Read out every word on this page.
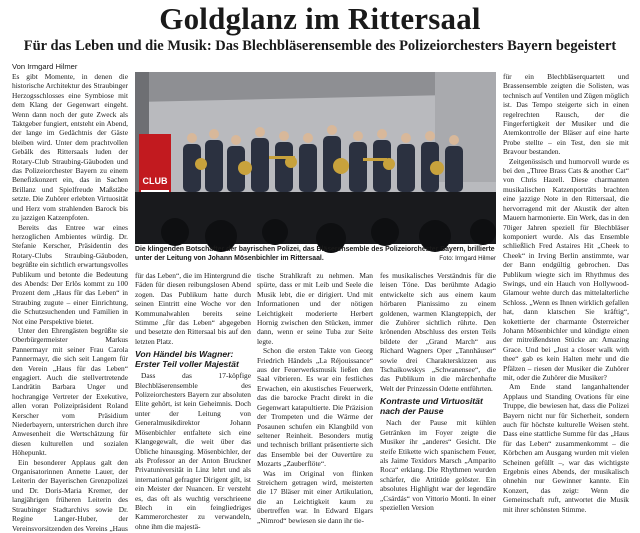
Goldglanz im Rittersaal
Für das Leben und die Musik: Das Blechbläserensemble des Polizeiorchesters Bayern begeistert
Von Irmgard Hilmer

Es gibt Momente, in denen die historische Architektur des Straubinger Herzogsschlosses eine Symbiose mit dem Klang der Gegenwart eingeht. Wenn dann noch der gute Zweck als Taktgeber fungiert, entsteht ein Abend, der lange im Gedächtnis der Gäste bleiben wird. Unter dem prachtvollen Gebälk des Rittersaals luden der Rotary-Club Straubing-Gäuboden und das Polizeiorchester Bayern zu einem Benefizkonzert ein, das in Sachen Brillanz und Spielfreude Maßstäbe setzte. Die Zuhörer erlebten Virtuosität und Herz vom strahlenden Barock bis zu jazzigen Katzenpfoten.

Bereits das Entree war eines herzoglichen Ambientes würdig. Dr. Stefanie Kerscher, Präsidentin des Rotary-Clubs Straubing-Gäuboden, begrüßte ein sichtlich erwartungsvolles Publikum und betonte die Bedeutung des Abends: Der Erlös kommt zu 100 Prozent dem „Haus für das Leben“ in Straubing zugute – einer Einrichtung, die Schutzsuchenden und Familien in Not eine Perspektive bietet.

Unter den Ehrengästen begrüßte sie Oberbürgermeister Markus Pannermayr mit seiner Frau Carola Pannermayr, die sich seit Langem für den Verein „Haus für das Leben“ engagiert. Auch die stellvertretende Landrätin Barbara Unger und hochrangige Vertreter der Exekutive, allen voran Polizeipräsident Roland Kerscher vom Präsidium Niederbayern, unterstrichen durch ihre Anwesenheit die Wertschätzung für diesen kulturellen und sozialen Höhepunkt.

Ein besonderer Applaus galt den Organisatorinnen Annette Lauer, der Leiterin der Bayerischen Grenzpolizei und Dr. Doris-Maria Kremer, der langjährigen früheren Leiterin des Straubinger Stadtarchivs sowie Dr. Regine Langer-Huber, der Vereinsvorsitzenden des Vereins „Haus

CLUB
Die klingenden Botschafter der bayrischen Polizei, das Bläserensemble des Polizeiorchester Bayern, brillierte unter der Leitung von Johann Mösenbichler im Rittersaal.	Foto: Irmgard Hilmer

für das Leben“, die im Hintergrund die Fäden für diesen reibungslosen Abend zogen. Das Publikum hatte durch seinen Eintritt eine Woche vor den Kommunalwahlen bereits seine Stimme „für das Leben“ abgegeben und besetzte den Rittersaal bis auf den letzten Platz.

Von Händel bis Wagner: Erster Teil voller Majestät

Dass das 17-köpfige Blechbläserensemble des Polizeiorchesters Bayern zur absoluten Elite gehört, ist kein Geheimnis. Doch unter der Leitung von Generalmusikdirektor Johann Mösenbichler entfaltete sich eine Klangegewalt, die weit über das Übliche hinausging. Mösenbichler, der als Professor an der Anton Bruckner Privatuniversität in Linz lehrt und als international gefragter Dirigent gilt, ist ein Meister der Nuancen. Er versteht es, das oft als wuchtig verschrieene Blech in ein feingliedriges Kammerorchester zu verwandeln, ohne ihm die majestä-

tische Strahlkraft zu nehmen. Man spürte, dass er mit Leib und Seele die Musik lebt, die er dirigiert. Und mit Informationen und der nötigen Leichtigkeit moderierte Herbert Hornig zwischen den Stücken, immer dann, wenn er seine Tuba zur Seite legte.

Schon die ersten Takte von Georg Friedrich Händels „La Réjouissance“ aus der Feuerwerksmusik ließen den Saal vibrieren. Es war ein festliches Erwachen, ein akustisches Feuerwerk, das die barocke Pracht direkt in die Gegenwart katapultierte. Die Präzision der Trompeten und die Wärme der Posaunen schufen ein Klangbild von seltener Reinheit. Besonders mutig und technisch brillant präsentierte sich das Ensemble bei der Ouvertüre zu Mozarts „Zauberflöte“.

Was im Original von flinken Streichern getragen wird, meisterten die 17 Bläser mit einer Artikulation, die an Leichtigkeit kaum zu übertreffen war. In Edward Elgars „Nimrod“ bewiesen sie dann ihr tie-

fes musikalisches Verständnis für die leisen Töne. Das berühmte Adagio entwickelte sich aus einem kaum hörbaren Pianissimo zu einem goldenen, warmen Klangteppich, der die Zuhörer sichtlich rührte. Den krönenden Abschluss des ersten Teils bildete der „Grand March“ aus Richard Wagners Oper „Tannhäuser“ sowie drei Charakterskizzen aus Tschaikowskys „Schwanensee“, die das Publikum in die märchenhafte Welt der Prinzessin Odette entführten.

Kontraste und Virtuosität nach der Pause

Nach der Pause mit kühlen Getränken im Foyer zeigte die Musiker ihr „anderes“ Gesicht. Die steife Etikette wich spanischem Feuer, als Jaime Texidors Marsch „Amparito Roca“ erklang. Die Rhythmen wurden schärfer, die Attitüde gelöster. Ein absolutes Highlight war der legendäre „Csárdás“ von Vittorio Monti. In einer speziellen Version

für ein Blechbläserquartett und Brassensemble zeigten die Solisten, was technisch auf Ventilen und Zügen möglich ist. Das Tempo steigerte sich in einen regelrechten Rausch, der die Fingerfertigkeit der Musiker und die Atemkontrolle der Bläser auf eine harte Probe stellte – ein Test, den sie mit Bravour bestanden.

Zeitgenössisch und humorvoll wurde es bei den „Three Brass Cats & another Cat“ von Chris Hazell. Diese charmanten musikalischen Katzenporträts brachten eine jazzige Note in den Rittersaal, die hervorragend mit der Akustik der alten Mauern harmonierte. Ein Werk, das in den 70iger Jahren speziell für Blechbläser komponiert wurde. Als das Ensemble schließlich Fred Astaires Hit „Cheek to Cheek“ in Irving Berlin anstimmte, war der Bann endgültig gebrochen. Das Publikum wiegte sich im Rhythmus des Swings, und ein Hauch von Hollywood-Glamour wehte durch das mittelalterliche Schloss. „Wenn es Ihnen wirklich gefallen hat, dann klatschen Sie kräftig“, kokettierte der charmante Österreicher Johann Mösenbichler und kündigte einen der mitreißendsten Stücke an: Amazing Grace. Und bei „Just a closer walk with thee“ gab es kein Halten mehr und die Pfälzen – riesen der Musiker die Zuhörer mit, oder die Zuhörer die Musiker?

Am Ende stand langanhaltender Applaus und Standing Ovations für eine Truppe, die bewiesen hat, dass die Polizei Bayern nicht nur für Sicherheit, sondern auch für höchste kulturelle Weisen steht. Dass eine stattliche Summe für das „Haus für das Leben“ zusammenkommt – die Körbchen am Ausgang wurden mit vielen Scheinen gefüllt –, war das wichtigste Ergebnis eines Abends, der musikalisch ohnehin nur Gewinner kannte. Ein Konzert, das zeigt: Wenn die Gemeinschaft ruft, antwortet die Musik mit ihrer schönsten Stimme.
